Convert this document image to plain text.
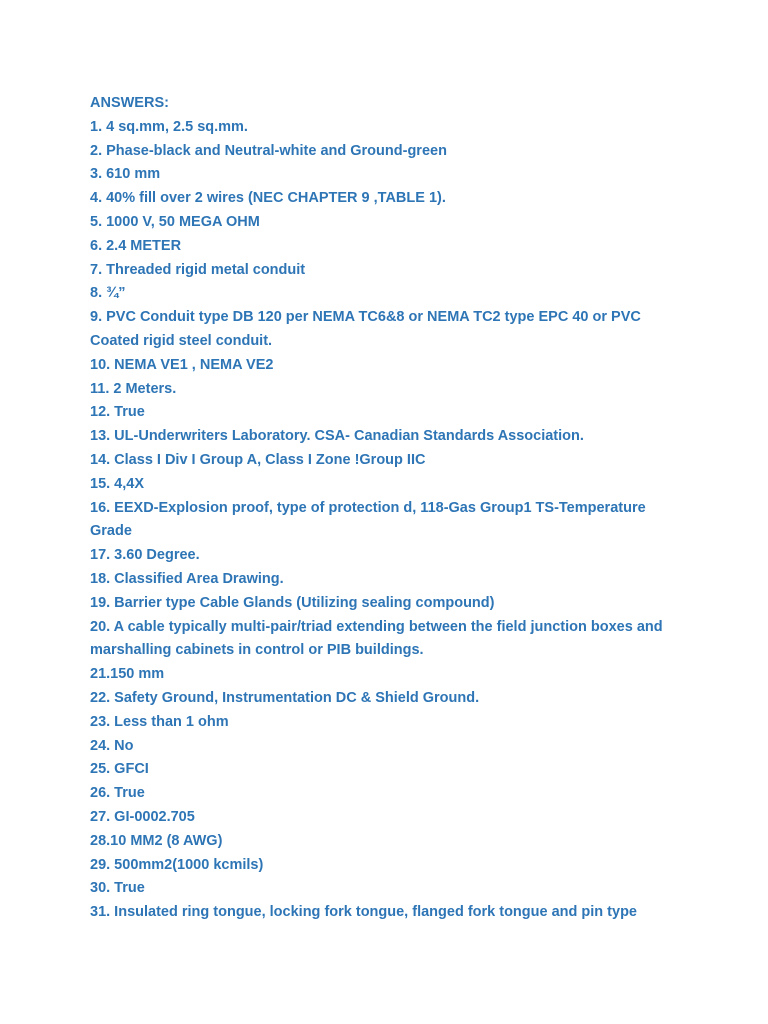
ANSWERS:
1. 4 sq.mm, 2.5 sq.mm.
2. Phase-black and Neutral-white and Ground-green
3. 610 mm
4. 40% fill over 2 wires (NEC CHAPTER 9 ,TABLE 1).
5. 1000 V, 50 MEGA OHM
6. 2.4 METER
7. Threaded rigid metal conduit
8. ¾”
9. PVC Conduit type DB 120 per NEMA TC6&8 or NEMA TC2 type EPC 40 or PVC Coated rigid steel conduit.
10. NEMA VE1 , NEMA VE2
11. 2 Meters.
12. True
13. UL-Underwriters Laboratory. CSA- Canadian Standards Association.
14. Class I Div I Group A, Class I Zone !Group IIC
15. 4,4X
16. EEXD-Explosion proof, type of protection d, 118-Gas Group1 TS-Temperature Grade
17. 3.60 Degree.
18. Classified Area Drawing.
19. Barrier type Cable Glands (Utilizing sealing compound)
20. A cable typically multi-pair/triad extending between the field junction boxes and marshalling cabinets in control or PIB buildings.
21.150 mm
22. Safety Ground, Instrumentation DC & Shield Ground.
23. Less than 1 ohm
24. No
25. GFCI
26. True
27. GI-0002.705
28.10 MM2 (8 AWG)
29. 500mm2(1000 kcmils)
30. True
31. Insulated ring tongue, locking fork tongue, flanged fork tongue and pin type
